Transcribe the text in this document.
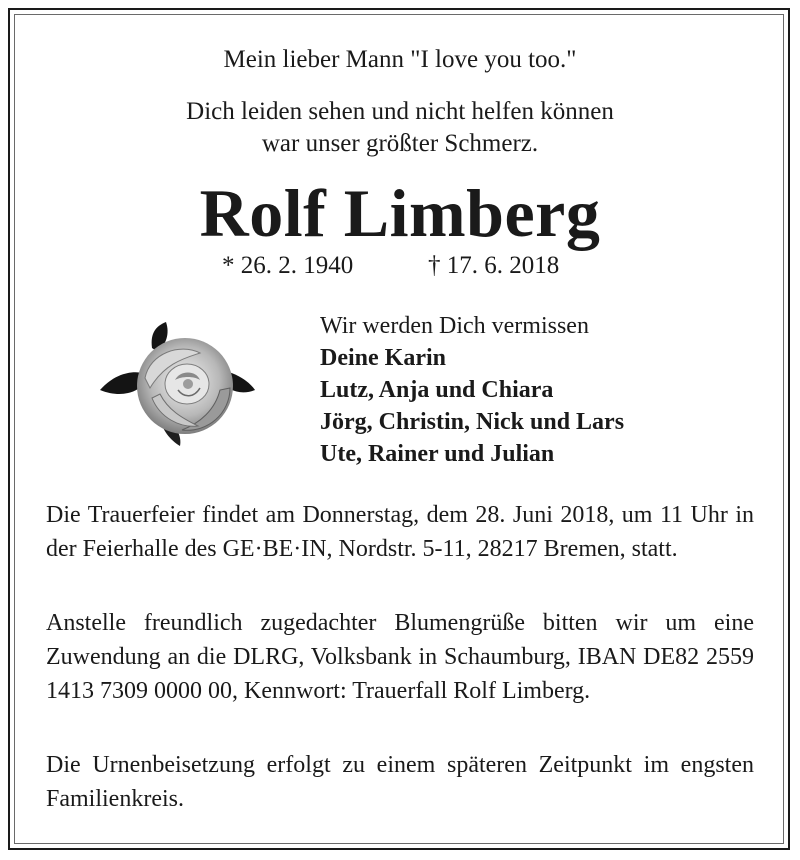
Mein lieber Mann "I love you too."
Dich leiden sehen und nicht helfen können
war unser größter Schmerz.
Rolf Limberg
* 26. 2. 1940	† 17. 6. 2018
Wir werden Dich vermissen
Deine Karin
Lutz, Anja und Chiara
Jörg, Christin, Nick und Lars
Ute, Rainer und Julian
Die Trauerfeier findet am Donnerstag, dem 28. Juni 2018, um 11 Uhr in der Feierhalle des GE·BE·IN, Nordstr. 5-11, 28217 Bremen, statt.
Anstelle freundlich zugedachter Blumengrüße bitten wir um eine Zuwendung an die DLRG, Volksbank in Schaumburg, IBAN DE82 2559 1413 7309 0000 00, Kennwort: Trauerfall Rolf Limberg.
Die Urnenbeisetzung erfolgt zu einem späteren Zeitpunkt im engsten Familienkreis.
